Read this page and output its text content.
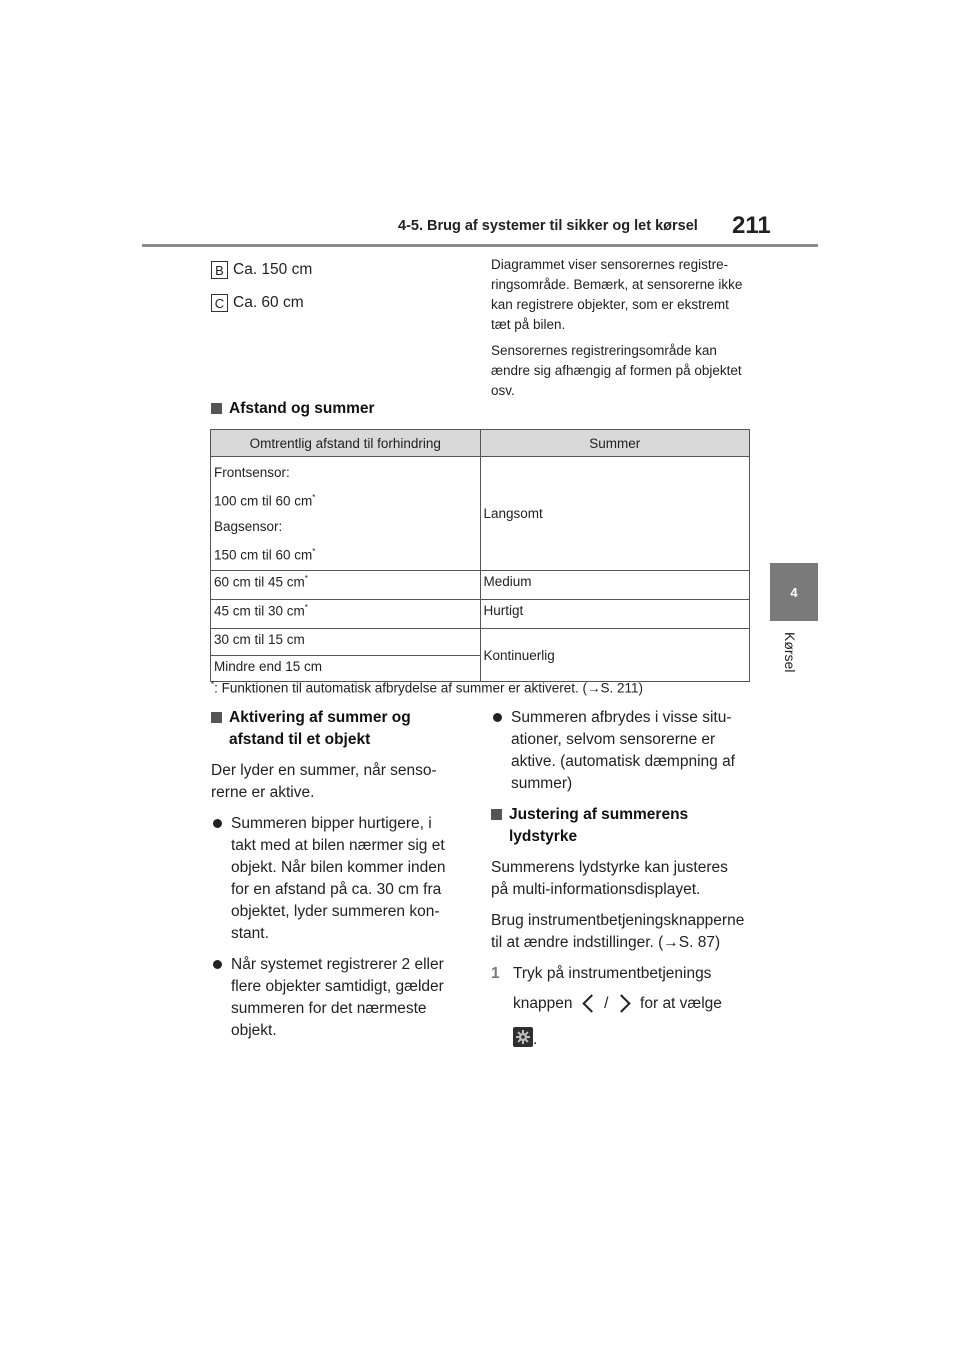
4-5. Brug af systemer til sikker og let kørsel 211
4
Kørsel
B Ca. 150 cm
C Ca. 60 cm

Diagrammet viser sensorernes registreringsområde. Bemærk, at sensorerne ikke kan registrere objekter, som er ekstremt tæt på bilen.

Sensorernes registreringsområde kan ændre sig afhængig af formen på objektet osv.

Afstand og summer
Omtrentlig afstand til forhindring	Summer

Frontsensor:
100 cm til 60 cm*
Bagsensor:
150 cm til 60 cm*	Langsomt
60 cm til 45 cm*	Medium
45 cm til 30 cm*	Hurtigt
30 cm til 15 cm	Kontinuerlig
Mindre end 15 cm	
*: Funktionen til automatisk afbrydelse af summer er aktiveret. (→S. 211)
Aktivering af summer og afstand til et objekt

Der lyder en summer, når sensorerne er aktive.

Summeren bipper hurtigere, i takt med at bilen nærmer sig et objekt. Når bilen kommer inden for en afstand på ca. 30 cm fra objektet, lyder summeren konstant.
Når systemet registrerer 2 eller flere objekter samtidigt, gælder summeren for det nærmeste objekt.
Summeren afbrydes i visse situationer, selvom sensorerne er aktive. (automatisk dæmpning af summer)
Justering af summerens lydstyrke

Summerens lydstyrke kan justeres på multi-informationsdisplayet.

Brug instrumentbetjeningsknapperne til at ændre indstillinger. (→S. 87)

1 Tryk på instrumentbetjenings
knappen / for at vælge
.
